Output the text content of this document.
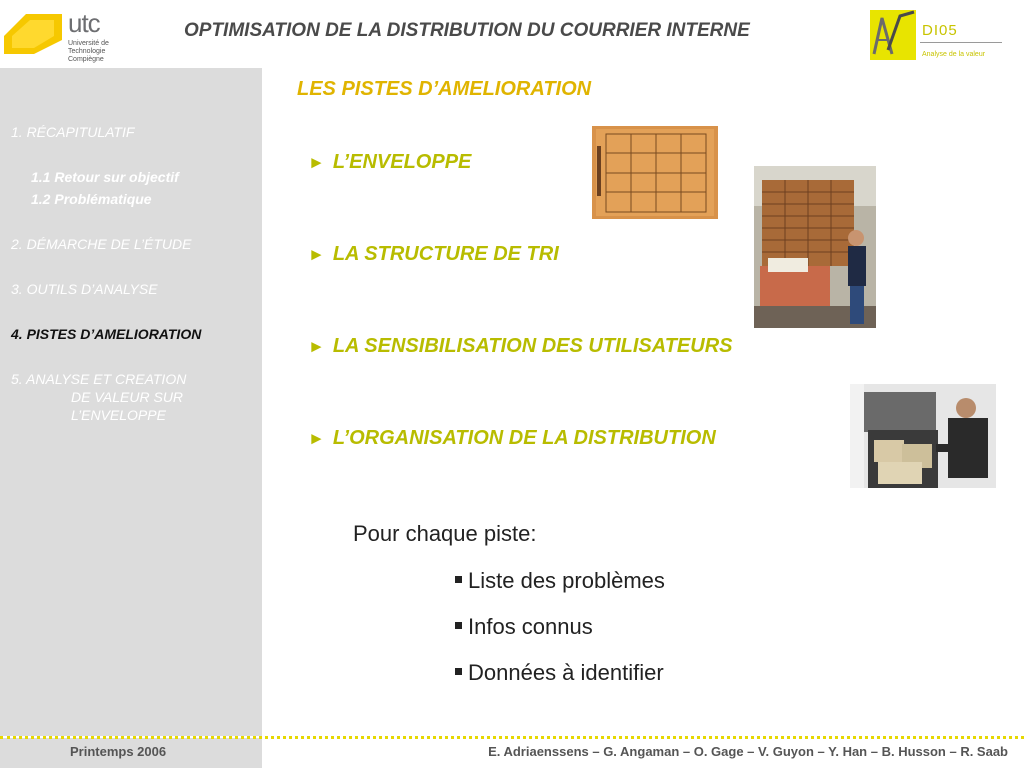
utc
Université de Technologie
Compiègne
OPTIMISATION DE LA DISTRIBUTION DU COURRIER INTERNE	DI05
Analyse de la valeur
1. RÉCAPITULATIF
1.1 Retour sur objectif
1.2 Problématique
2. DÉMARCHE DE L’ÉTUDE
3. OUTILS D’ANALYSE
4. PISTES D’AMELIORATION
5. ANALYSE ET CREATION
DE VALEUR SUR
L’ENVELOPPE
LES PISTES D’AMELIORATION
► L’ENVELOPPE
► LA STRUCTURE DE TRI
► LA SENSIBILISATION DES UTILISATEURS
► L’ORGANISATION DE LA DISTRIBUTION
Pour chaque piste:
Liste des problèmes
Infos connus
Données à identifier
Printemps 2006	E. Adriaenssens – G. Angaman – O. Gage – V. Guyon – Y. Han – B. Husson – R. Saab
